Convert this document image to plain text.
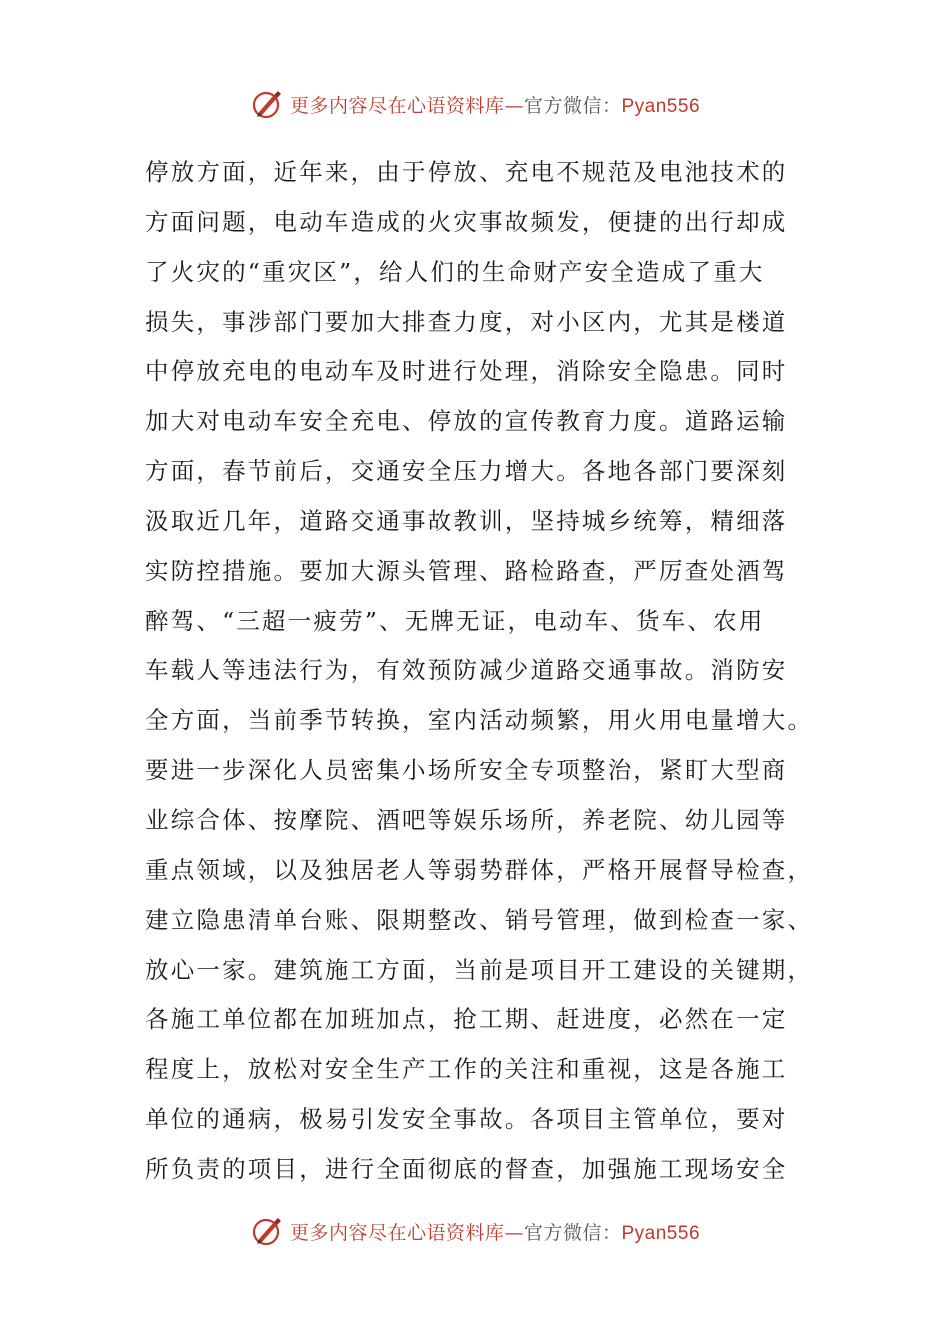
更多内容尽在心语资料库—官方微信：Pyan556
停放方面，近年来，由于停放、充电不规范及电池技术的
方面问题，电动车造成的火灾事故频发，便捷的出行却成
了火灾的“重灾区”，给人们的生命财产安全造成了重大
损失，事涉部门要加大排查力度，对小区内，尤其是楼道
中停放充电的电动车及时进行处理，消除安全隐患。同时
加大对电动车安全充电、停放的宣传教育力度。道路运输
方面，春节前后，交通安全压力增大。各地各部门要深刻
汲取近几年，道路交通事故教训，坚持城乡统筹，精细落
实防控措施。要加大源头管理、路检路查，严厉查处酒驾
醉驾、“三超一疲劳”、无牌无证，电动车、货车、农用
车载人等违法行为，有效预防减少道路交通事故。消防安
全方面，当前季节转换，室内活动频繁，用火用电量增大。
要进一步深化人员密集小场所安全专项整治，紧盯大型商
业综合体、按摩院、酒吧等娱乐场所，养老院、幼儿园等
重点领域，以及独居老人等弱势群体，严格开展督导检查，
建立隐患清单台账、限期整改、销号管理，做到检查一家、
放心一家。建筑施工方面，当前是项目开工建设的关键期，
各施工单位都在加班加点，抢工期、赶进度，必然在一定
程度上，放松对安全生产工作的关注和重视，这是各施工
单位的通病，极易引发安全事故。各项目主管单位，要对
所负责的项目，进行全面彻底的督查，加强施工现场安全
更多内容尽在心语资料库—官方微信：Pyan556
